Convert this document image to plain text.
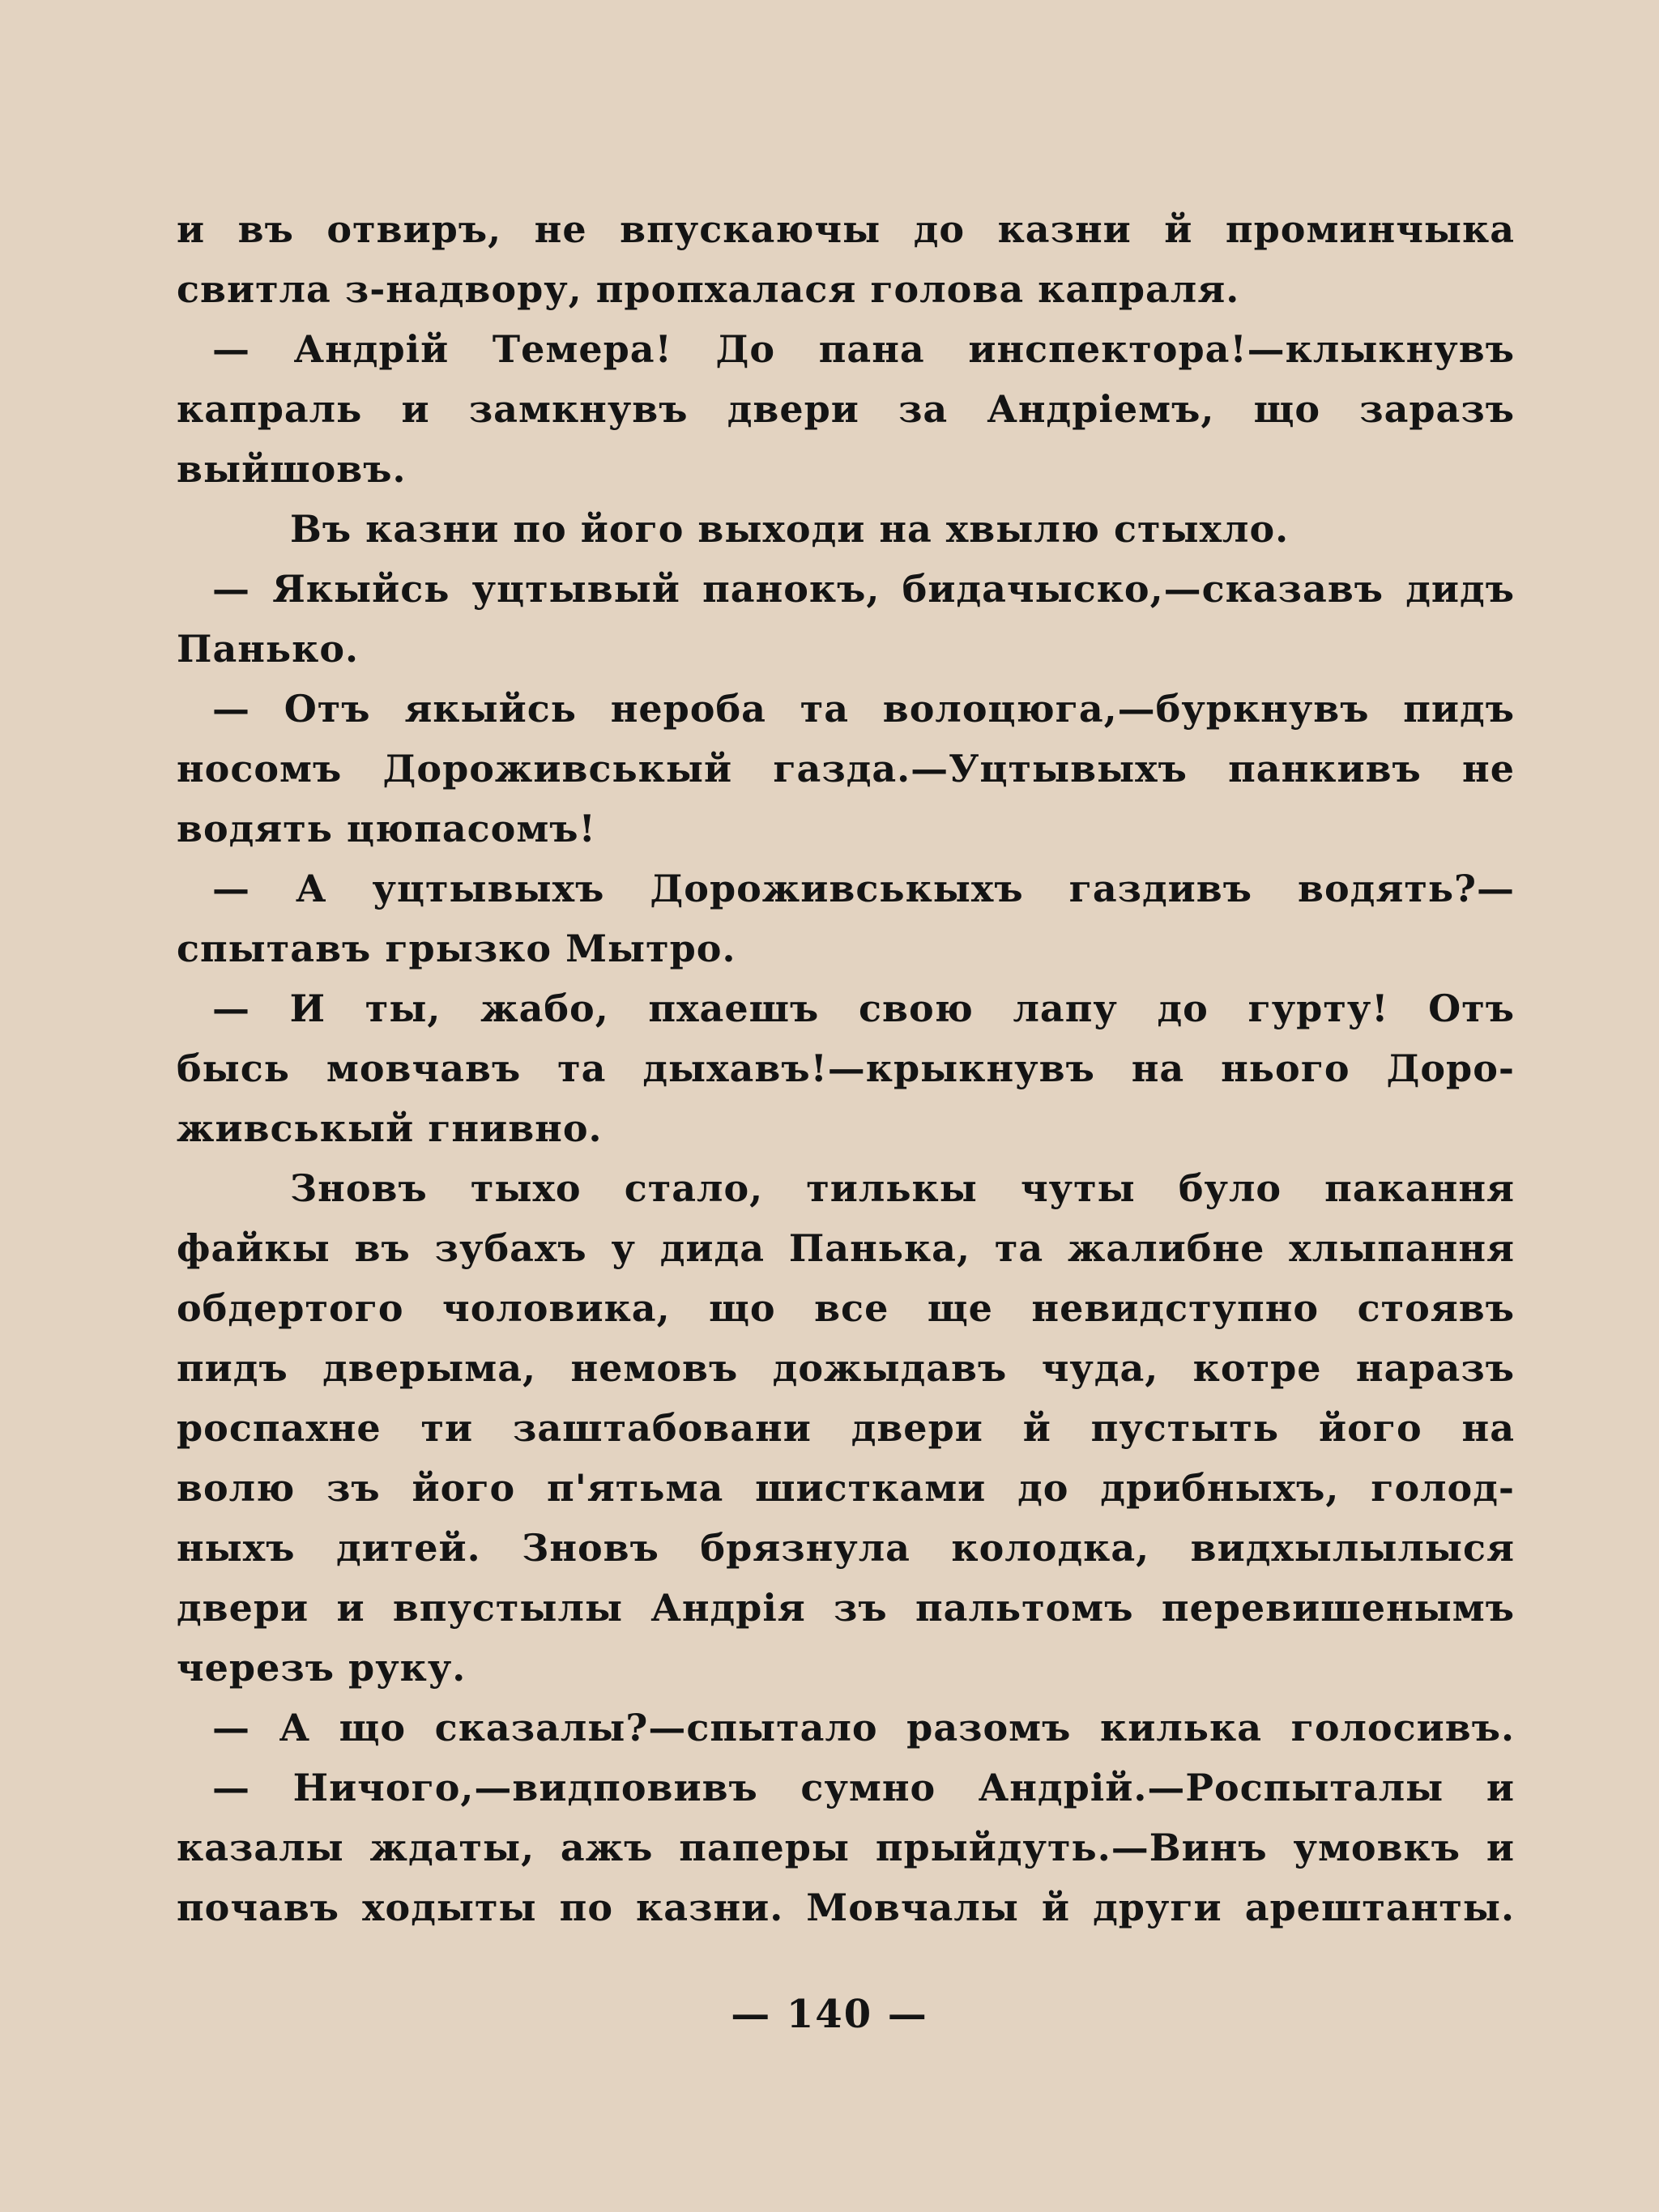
и въ отвиръ, не впускаючы до казни й проминчыка
свитла з-надвору, пропхалася голова капраля.
— Андрій Темера! До пана инспектора!—клыкнувъ
капраль и замкнувъ двери за Андріемъ, що заразъ
выйшовъ.
Въ казни по його выходи на хвылю стыхло.
— Якыйсь уцтывый панокъ, бидачыско,—сказавъ дидъ
Панько.
— Отъ якыйсь нероба та волоцюга,—буркнувъ пидъ
носомъ Дороживськый газда.—Уцтывыхъ панкивъ не
водять цюпасомъ!
— А уцтывыхъ Дороживськыхъ газдивъ водять?—
спытавъ грызко Мытро.
— И ты, жабо, пхаешъ свою лапу до гурту! Отъ
бысь мовчавъ та дыхавъ!—крыкнувъ на нього Доро-
живськый гнивно.
Зновъ тыхо стало, тилькы чуты було пакання
файкы въ зубахъ у дида Панька, та жалибне хлыпання
обдертого чоловика, що все ще невидступно стоявъ
пидъ дверыма, немовъ дожыдавъ чуда, котре наразъ
роспахне ти заштабовани двери й пустыть його на
волю зъ його п'ятьма шистками до дрибныхъ, голод-
ныхъ дитей. Зновъ брязнула колодка, видхылылыся
двери и впустылы Андрія зъ пальтомъ перевишенымъ
черезъ руку.
— А що сказалы?—спытало разомъ килька голосивъ.
— Ничого,—видповивъ сумно Андрій.—Роспыталы и
казалы ждаты, ажъ паперы прыйдуть.—Винъ умовкъ и
почавъ ходыты по казни. Мовчалы й други арештанты.
— 140 —
